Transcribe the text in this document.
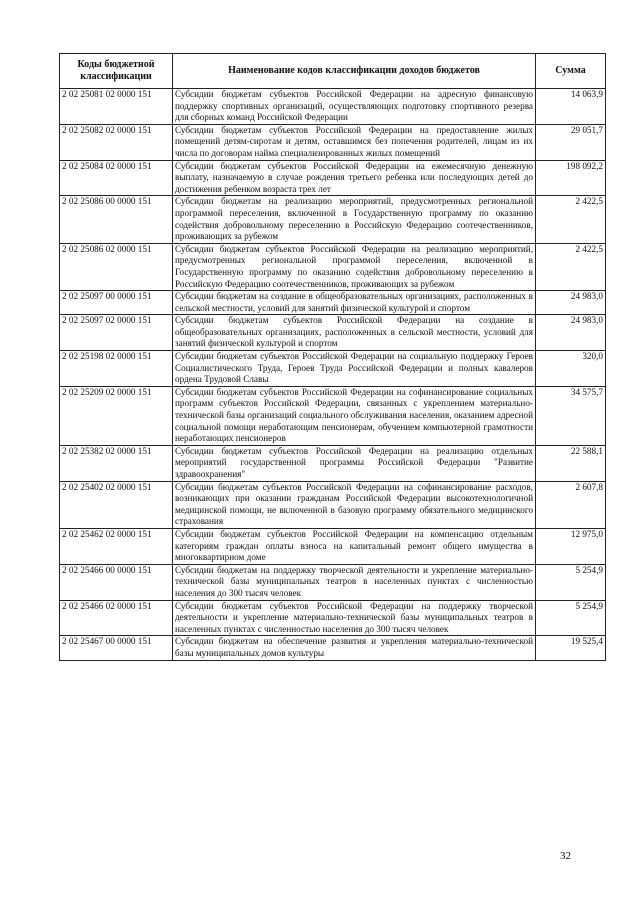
Коды бюджетной классификации	Наименование кодов классификации доходов бюджетов	Сумма
2 02 25081 02 0000 151	Субсидии бюджетам субъектов Российской Федерации на адресную финансовую поддержку спортивных организаций, осуществляющих подготовку спортивного резерва для сборных команд Российской Федерации	14 063,9
2 02 25082 02 0000 151	Субсидии бюджетам субъектов Российской Федерации на предоставление жилых помещений детям-сиротам и детям, оставшимся без попечения родителей, лицам из их числа по договорам найма специализированных жилых помещений	29 051,7
2 02 25084 02 0000 151	Субсидии бюджетам субъектов Российской Федерации на ежемесячную денежную выплату, назначаемую в случае рождения третьего ребенка или последующих детей до достижения ребенком возраста трех лет	198 092,2
2 02 25086 00 0000 151	Субсидии бюджетам на реализацию мероприятий, предусмотренных региональной программой переселения, включенной в Государственную программу по оказанию содействия добровольному переселению в Российскую Федерацию соотечественников, проживающих за рубежом	2 422,5
2 02 25086 02 0000 151	Субсидии бюджетам субъектов Российской Федерации на реализацию мероприятий, предусмотренных региональной программой переселения, включенной в Государственную программу по оказанию содействия добровольному переселению в Российскую Федерацию соотечественников, проживающих за рубежом	2 422,5
2 02 25097 00 0000 151	Субсидии бюджетам на создание в общеобразовательных организациях, расположенных в сельской местности, условий для занятий физической культурой и спортом	24 983,0
2 02 25097 02 0000 151	Субсидии бюджетам субъектов Российской Федерации на создание в общеобразовательных организациях, расположенных в сельской местности, условий для занятий физической культурой и спортом	24 983,0
2 02 25198 02 0000 151	Субсидии бюджетам субъектов Российской Федерации на социальную поддержку Героев Социалистического Труда, Героев Труда Российской Федерации и полных кавалеров ордена Трудовой Славы	320,0
2 02 25209 02 0000 151	Субсидии бюджетам субъектов Российской Федерации на софинансирование социальных программ субъектов Российской Федерации, связанных с укреплением материально-технической базы организаций социального обслуживания населения, оказанием адресной социальной помощи неработающим пенсионерам, обучением компьютерной грамотности неработающих пенсионеров	34 575,7
2 02 25382 02 0000 151	Субсидии бюджетам субъектов Российской Федерации на реализацию отдельных мероприятий государственной программы Российской Федерации "Развитие здравоохранения"	22 588,1
2 02 25402 02 0000 151	Субсидии бюджетам субъектов Российской Федерации на софинансирование расходов, возникающих при оказании гражданам Российской Федерации высокотехнологичной медицинской помощи, не включенной в базовую программу обязательного медицинского страхования	2 607,8
2 02 25462 02 0000 151	Субсидии бюджетам субъектов Российской Федерации на компенсацию отдельным категориям граждан оплаты взноса на капитальный ремонт общего имущества в многоквартирном доме	12 975,0
2 02 25466 00 0000 151	Субсидии бюджетам на поддержку творческой деятельности и укрепление материально-технической базы муниципальных театров в населенных пунктах с численностью населения до 300 тысяч человек	5 254,9
2 02 25466 02 0000 151	Субсидии бюджетам субъектов Российской Федерации на поддержку творческой деятельности и укрепление материально-технической базы муниципальных театров в населенных пунктах с численностью населения до 300 тысяч человек	5 254,9
2 02 25467 00 0000 151	Субсидии бюджетам на обеспечение развития и укрепления материально-технической базы муниципальных домов культуры	19 525,4
32
